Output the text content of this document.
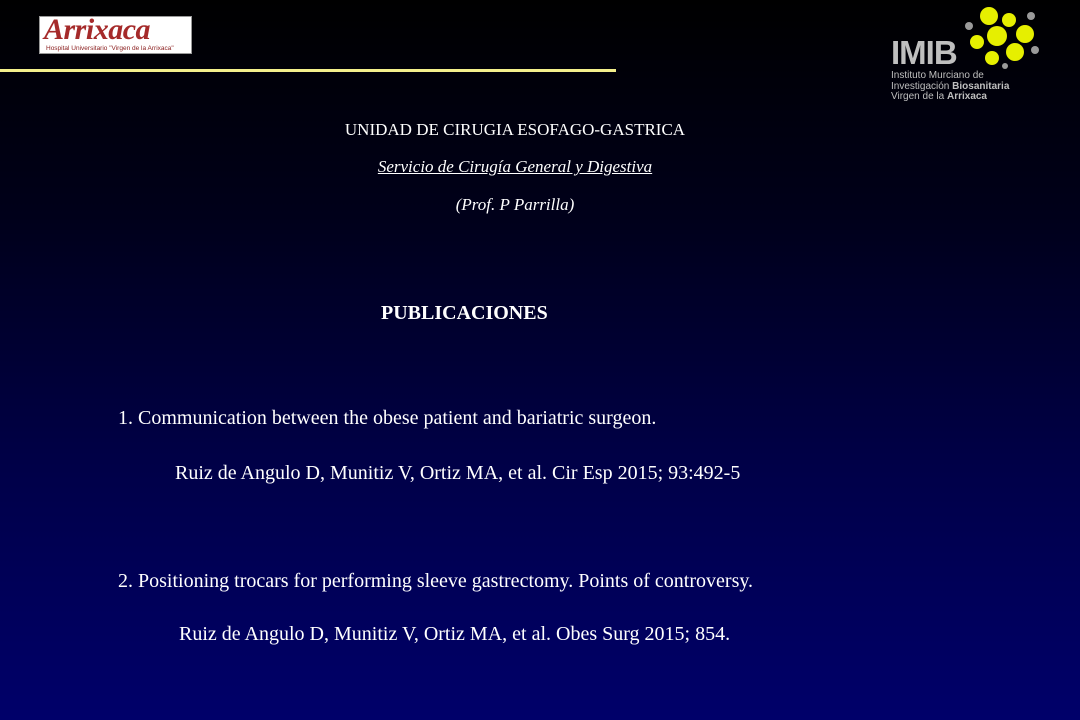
Arrixaca
Hospital Universitario "Virgen de la Arrixaca"	IMIB
Instituto Murciano de
Investigación Biosanitaria
Virgen de la Arrixaca
UNIDAD DE CIRUGIA ESOFAGO-GASTRICA
Servicio de Cirugía General y Digestiva
(Prof. P Parrilla)
PUBLICACIONES
1. Communication between the obese patient and bariatric surgeon.
Ruiz de Angulo D, Munitiz V, Ortiz MA, et al. Cir Esp 2015; 93:492-5
2. Positioning trocars for performing sleeve gastrectomy. Points of controversy.
Ruiz de Angulo D, Munitiz V, Ortiz MA, et al. Obes Surg 2015; 854.
